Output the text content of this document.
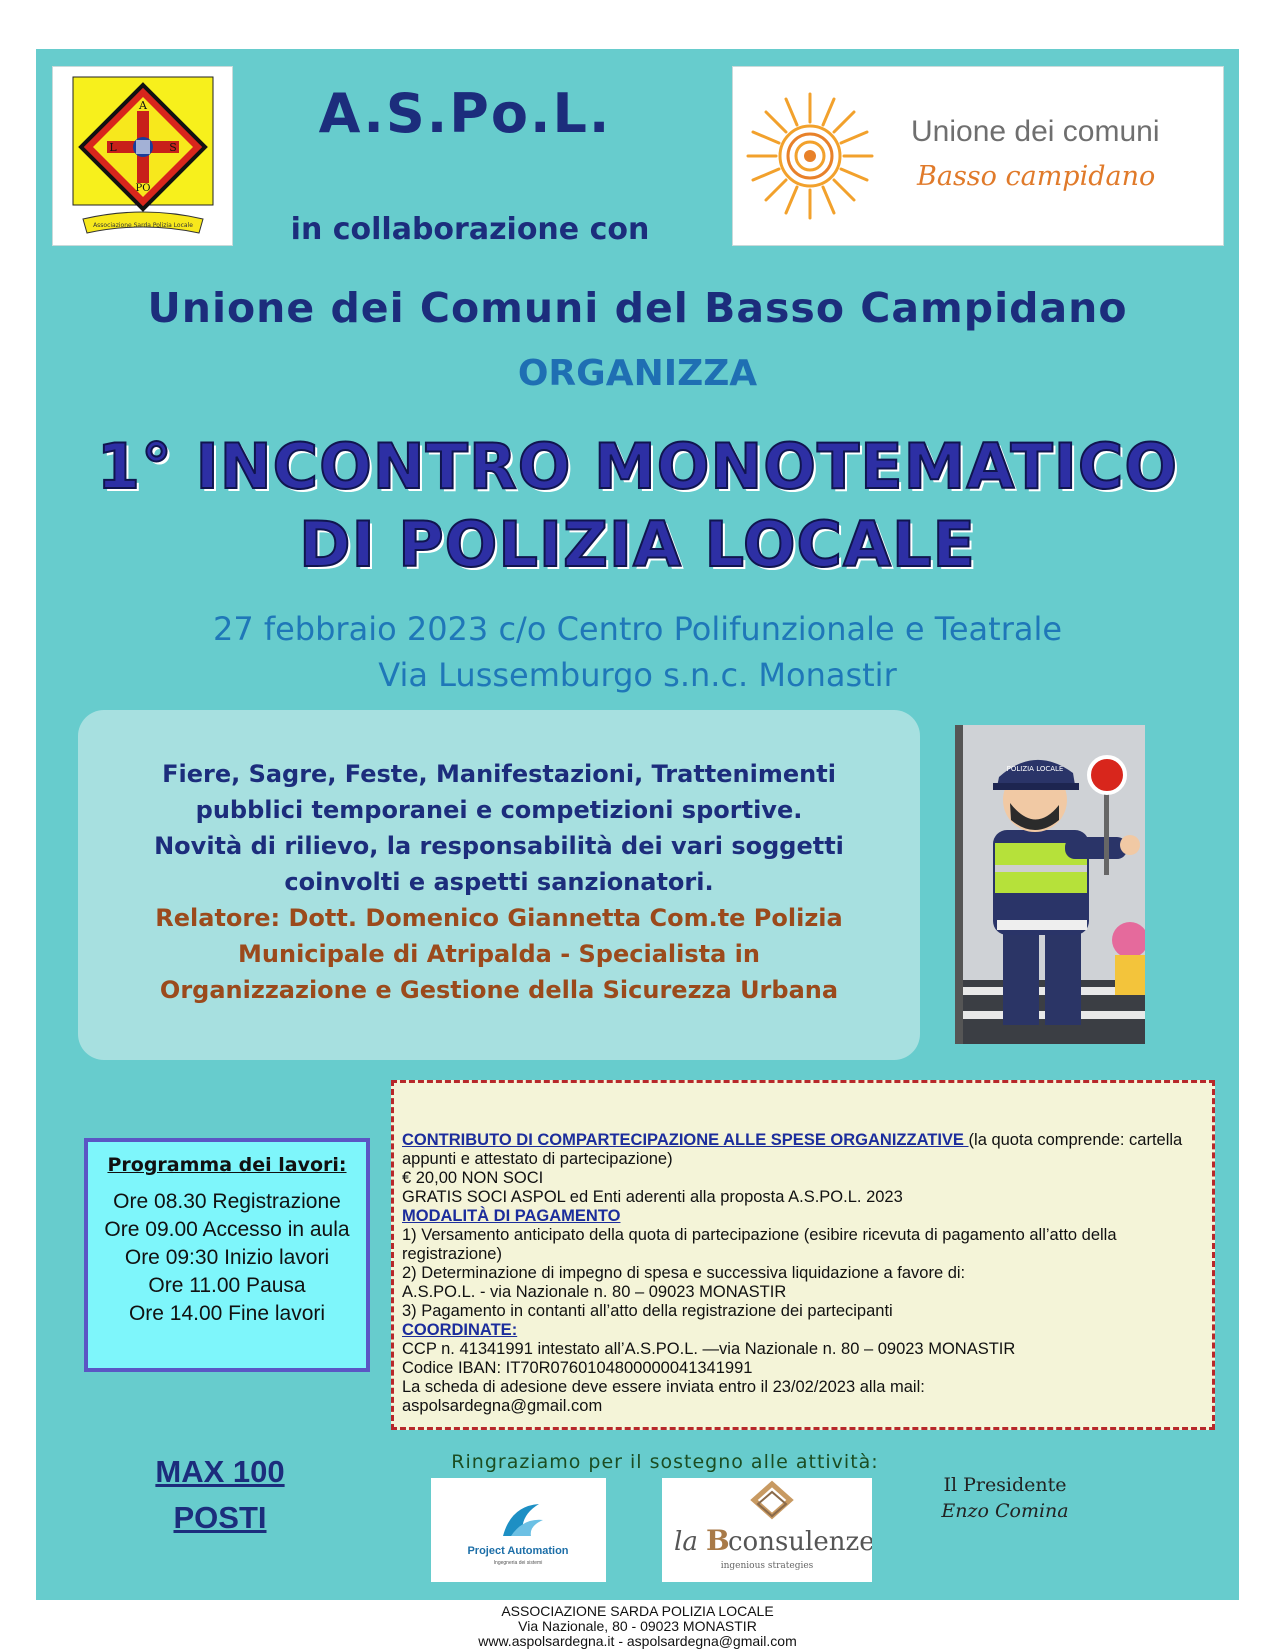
A
L	S
PO
Associazione Sarda Polizia Locale
A.S.Po.L.
in collaborazione con
Unione dei comuni
Basso campidano
Unione dei Comuni del Basso Campidano
ORGANIZZA
1° INCONTRO MONOTEMATICO
DI POLIZIA LOCALE
27 febbraio 2023 c/o Centro Polifunzionale e Teatrale
Via Lussemburgo s.n.c. Monastir
Fiere, Sagre, Feste, Manifestazioni, Trattenimenti
pubblici temporanei e competizioni sportive.
Novità di rilievo, la responsabilità dei vari soggetti
coinvolti e aspetti sanzionatori.
Relatore: Dott. Domenico Giannetta Com.te Polizia
Municipale di Atripalda - Specialista in
Organizzazione e Gestione della Sicurezza Urbana
POLIZIA LOCALE
Programma dei lavori:
Ore 08.30 Registrazione
Ore 09.00 Accesso in aula
Ore 09:30 Inizio lavori
Ore 11.00 Pausa
Ore 14.00 Fine lavori
CONTRIBUTO DI COMPARTECIPAZIONE ALLE SPESE ORGANIZZATIVE (la quota comprende: cartella appunti e attestato di partecipazione)
€ 20,00 NON SOCI
GRATIS SOCI ASPOL ed Enti aderenti alla proposta A.S.PO.L. 2023
MODALITÀ DI PAGAMENTO
1) Versamento anticipato della quota di partecipazione (esibire ricevuta di pagamento all’atto della registrazione)
2) Determinazione di impegno di spesa e successiva liquidazione a favore di:
A.S.PO.L. - via Nazionale n. 80 – 09023 MONASTIR
3) Pagamento in contanti all’atto della registrazione dei partecipanti
COORDINATE:
CCP n. 41341991 intestato all’A.S.PO.L. —via Nazionale n. 80 – 09023 MONASTIR
Codice IBAN: IT70R0760104800000041341991
La scheda di adesione deve essere inviata entro il 23/02/2023 alla mail:
aspolsardegna@gmail.com
MAX 100
POSTI
Ringraziamo per il sostegno alle attività:
Project Automation
Ingegneria dei sistemi
la B
consulenze
ingenious strategies
Il Presidente
Enzo Comina
ASSOCIAZIONE SARDA POLIZIA LOCALE
Via Nazionale, 80 - 09023 MONASTIR
www.aspolsardegna.it - aspolsardegna@gmail.com
